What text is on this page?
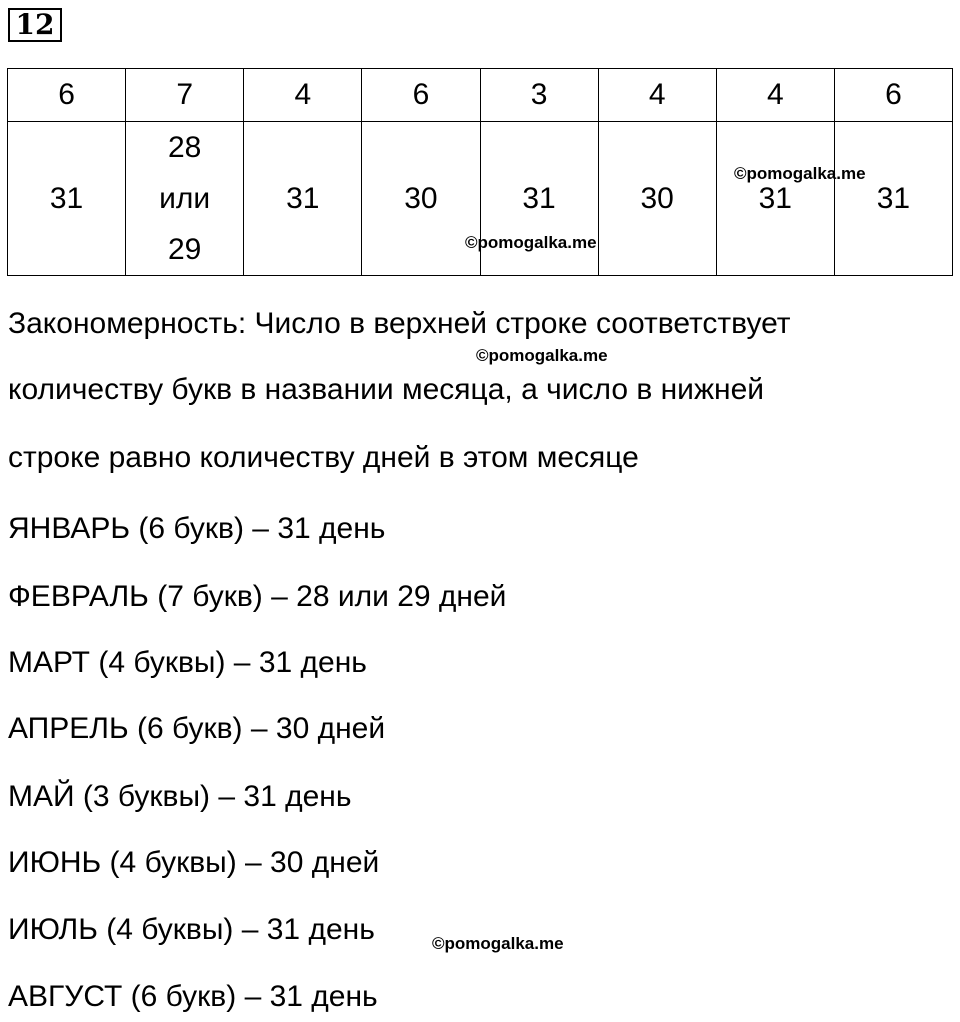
12
6	7	4	6	3	4	4	6
31	28
или
29	31	30	31	30	31	31
©pomogalka.me
©pomogalka.me
Закономерность: Число в верхней строке соответствует
©pomogalka.me
количеству букв в названии месяца, а число в нижней
строке равно количеству дней в этом месяце
ЯНВАРЬ (6 букв) – 31 день
ФЕВРАЛЬ (7 букв) – 28 или 29 дней
МАРТ (4 буквы) – 31 день
АПРЕЛЬ (6 букв) – 30 дней
МАЙ (3 буквы) – 31 день
ИЮНЬ (4 буквы) – 30 дней
ИЮЛЬ (4 буквы) – 31 день	©pomogalka.me
АВГУСТ (6 букв) – 31 день
